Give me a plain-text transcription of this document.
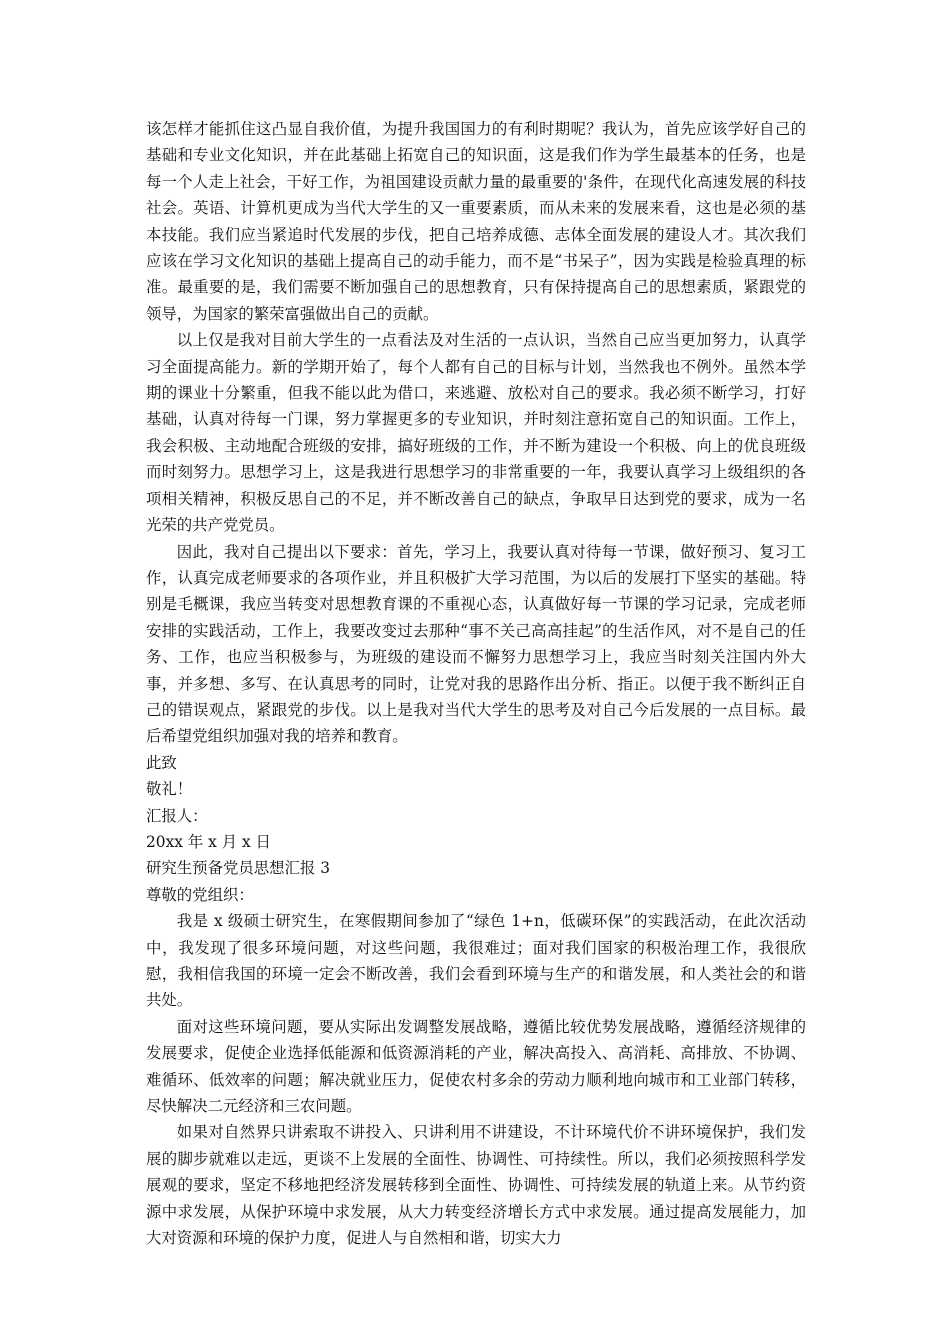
该怎样才能抓住这凸显自我价值，为提升我国国力的有利时期呢？我认为，首先应该学好自己的基础和专业文化知识，并在此基础上拓宽自己的知识面，这是我们作为学生最基本的任务，也是每一个人走上社会，干好工作，为祖国建设贡献力量的最重要的'条件，在现代化高速发展的科技社会。英语、计算机更成为当代大学生的又一重要素质，而从未来的发展来看，这也是必须的基本技能。我们应当紧追时代发展的步伐，把自己培养成德、志体全面发展的建设人才。其次我们应该在学习文化知识的基础上提高自己的动手能力，而不是“书呆子”，因为实践是检验真理的标准。最重要的是，我们需要不断加强自己的思想教育，只有保持提高自己的思想素质，紧跟党的领导，为国家的繁荣富强做出自己的贡献。

以上仅是我对目前大学生的一点看法及对生活的一点认识，当然自己应当更加努力，认真学习全面提高能力。新的学期开始了，每个人都有自己的目标与计划，当然我也不例外。虽然本学期的课业十分繁重，但我不能以此为借口，来逃避、放松对自己的要求。我必须不断学习，打好基础，认真对待每一门课，努力掌握更多的专业知识，并时刻注意拓宽自己的知识面。工作上，我会积极、主动地配合班级的安排，搞好班级的工作，并不断为建设一个积极、向上的优良班级而时刻努力。思想学习上，这是我进行思想学习的非常重要的一年，我要认真学习上级组织的各项相关精神，积极反思自己的不足，并不断改善自己的缺点，争取早日达到党的要求，成为一名光荣的共产党党员。

因此，我对自己提出以下要求：首先，学习上，我要认真对待每一节课，做好预习、复习工作，认真完成老师要求的各项作业，并且积极扩大学习范围，为以后的发展打下坚实的基础。特别是毛概课，我应当转变对思想教育课的不重视心态，认真做好每一节课的学习记录，完成老师安排的实践活动，工作上，我要改变过去那种“事不关己高高挂起”的生活作风，对不是自己的任务、工作，也应当积极参与，为班级的建设而不懈努力思想学习上，我应当时刻关注国内外大事，并多想、多写、在认真思考的同时，让党对我的思路作出分析、指正。以便于我不断纠正自己的错误观点，紧跟党的步伐。以上是我对当代大学生的思考及对自己今后发展的一点目标。最后希望党组织加强对我的培养和教育。

此致

敬礼！

汇报人：

20xx 年 x 月 x 日

研究生预备党员思想汇报 3

尊敬的党组织：

我是 x 级硕士研究生，在寒假期间参加了“绿色 1+n，低碳环保”的实践活动，在此次活动中，我发现了很多环境问题，对这些问题，我很难过；面对我们国家的积极治理工作，我很欣慰，我相信我国的环境一定会不断改善，我们会看到环境与生产的和谐发展，和人类社会的和谐共处。

面对这些环境问题，要从实际出发调整发展战略，遵循比较优势发展战略，遵循经济规律的发展要求，促使企业选择低能源和低资源消耗的产业，解决高投入、高消耗、高排放、不协调、难循环、低效率的问题；解决就业压力，促使农村多余的劳动力顺利地向城市和工业部门转移，尽快解决二元经济和三农问题。

如果对自然界只讲索取不讲投入、只讲利用不讲建设，不计环境代价不讲环境保护，我们发展的脚步就难以走远，更谈不上发展的全面性、协调性、可持续性。所以，我们必须按照科学发展观的要求，坚定不移地把经济发展转移到全面性、协调性、可持续发展的轨道上来。从节约资源中求发展，从保护环境中求发展，从大力转变经济增长方式中求发展。通过提高发展能力，加大对资源和环境的保护力度，促进人与自然相和谐，切实大力
